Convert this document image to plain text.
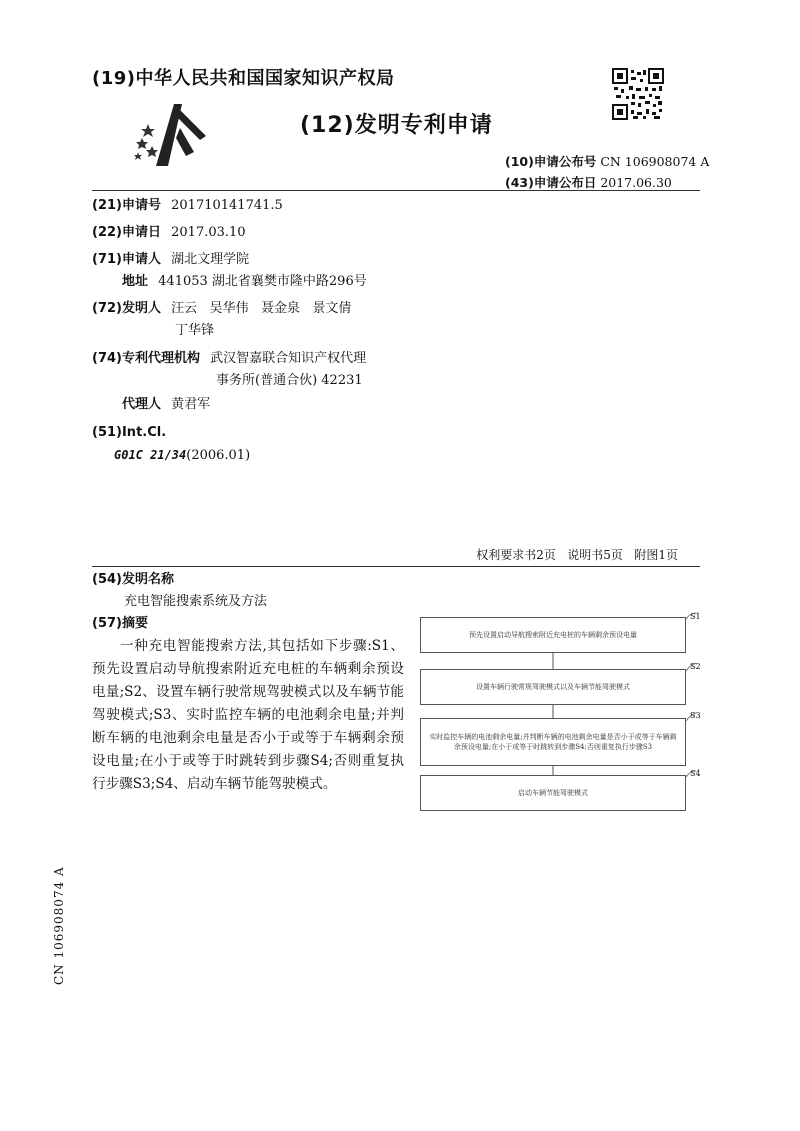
(19)中华人民共和国国家知识产权局
(12)发明专利申请
(10)申请公布号 CN 106908074 A
(43)申请公布日 2017.06.30
(21)申请号 201710141741.5
(22)申请日 2017.03.10
(71)申请人 湖北文理学院
地址 441053 湖北省襄樊市隆中路296号
(72)发明人 汪云   吴华伟   聂金泉   景文倩
丁华锋
(74)专利代理机构 武汉智嘉联合知识产权代理
事务所(普通合伙) 42231
代理人 黄君军
(51)Int.Cl.
G01C 21/34(2006.01)
权利要求书2页   说明书5页   附图1页
(54)发明名称
充电智能搜索系统及方法
(57)摘要
一种充电智能搜索方法,其包括如下步骤:S1、预先设置启动导航搜索附近充电桩的车辆剩余预设电量;S2、设置车辆行驶常规驾驶模式以及车辆节能驾驶模式;S3、实时监控车辆的电池剩余电量;并判断车辆的电池剩余电量是否小于或等于车辆剩余预设电量;在小于或等于时跳转到步骤S4;否则重复执行步骤S3;S4、启动车辆节能驾驶模式。
预先设置启动导航搜索附近充电桩的车辆剩余预设电量
设置车辆行驶常规驾驶模式以及车辆节能驾驶模式
实时监控车辆的电池剩余电量;并判断车辆的电池剩余电量是否小于或等于车辆剩余预设电量;在小于或等于时跳转到步骤S4;否则重复执行步骤S3
启动车辆节能驾驶模式
S1
S2
S3
S4
CN 106908074 A
